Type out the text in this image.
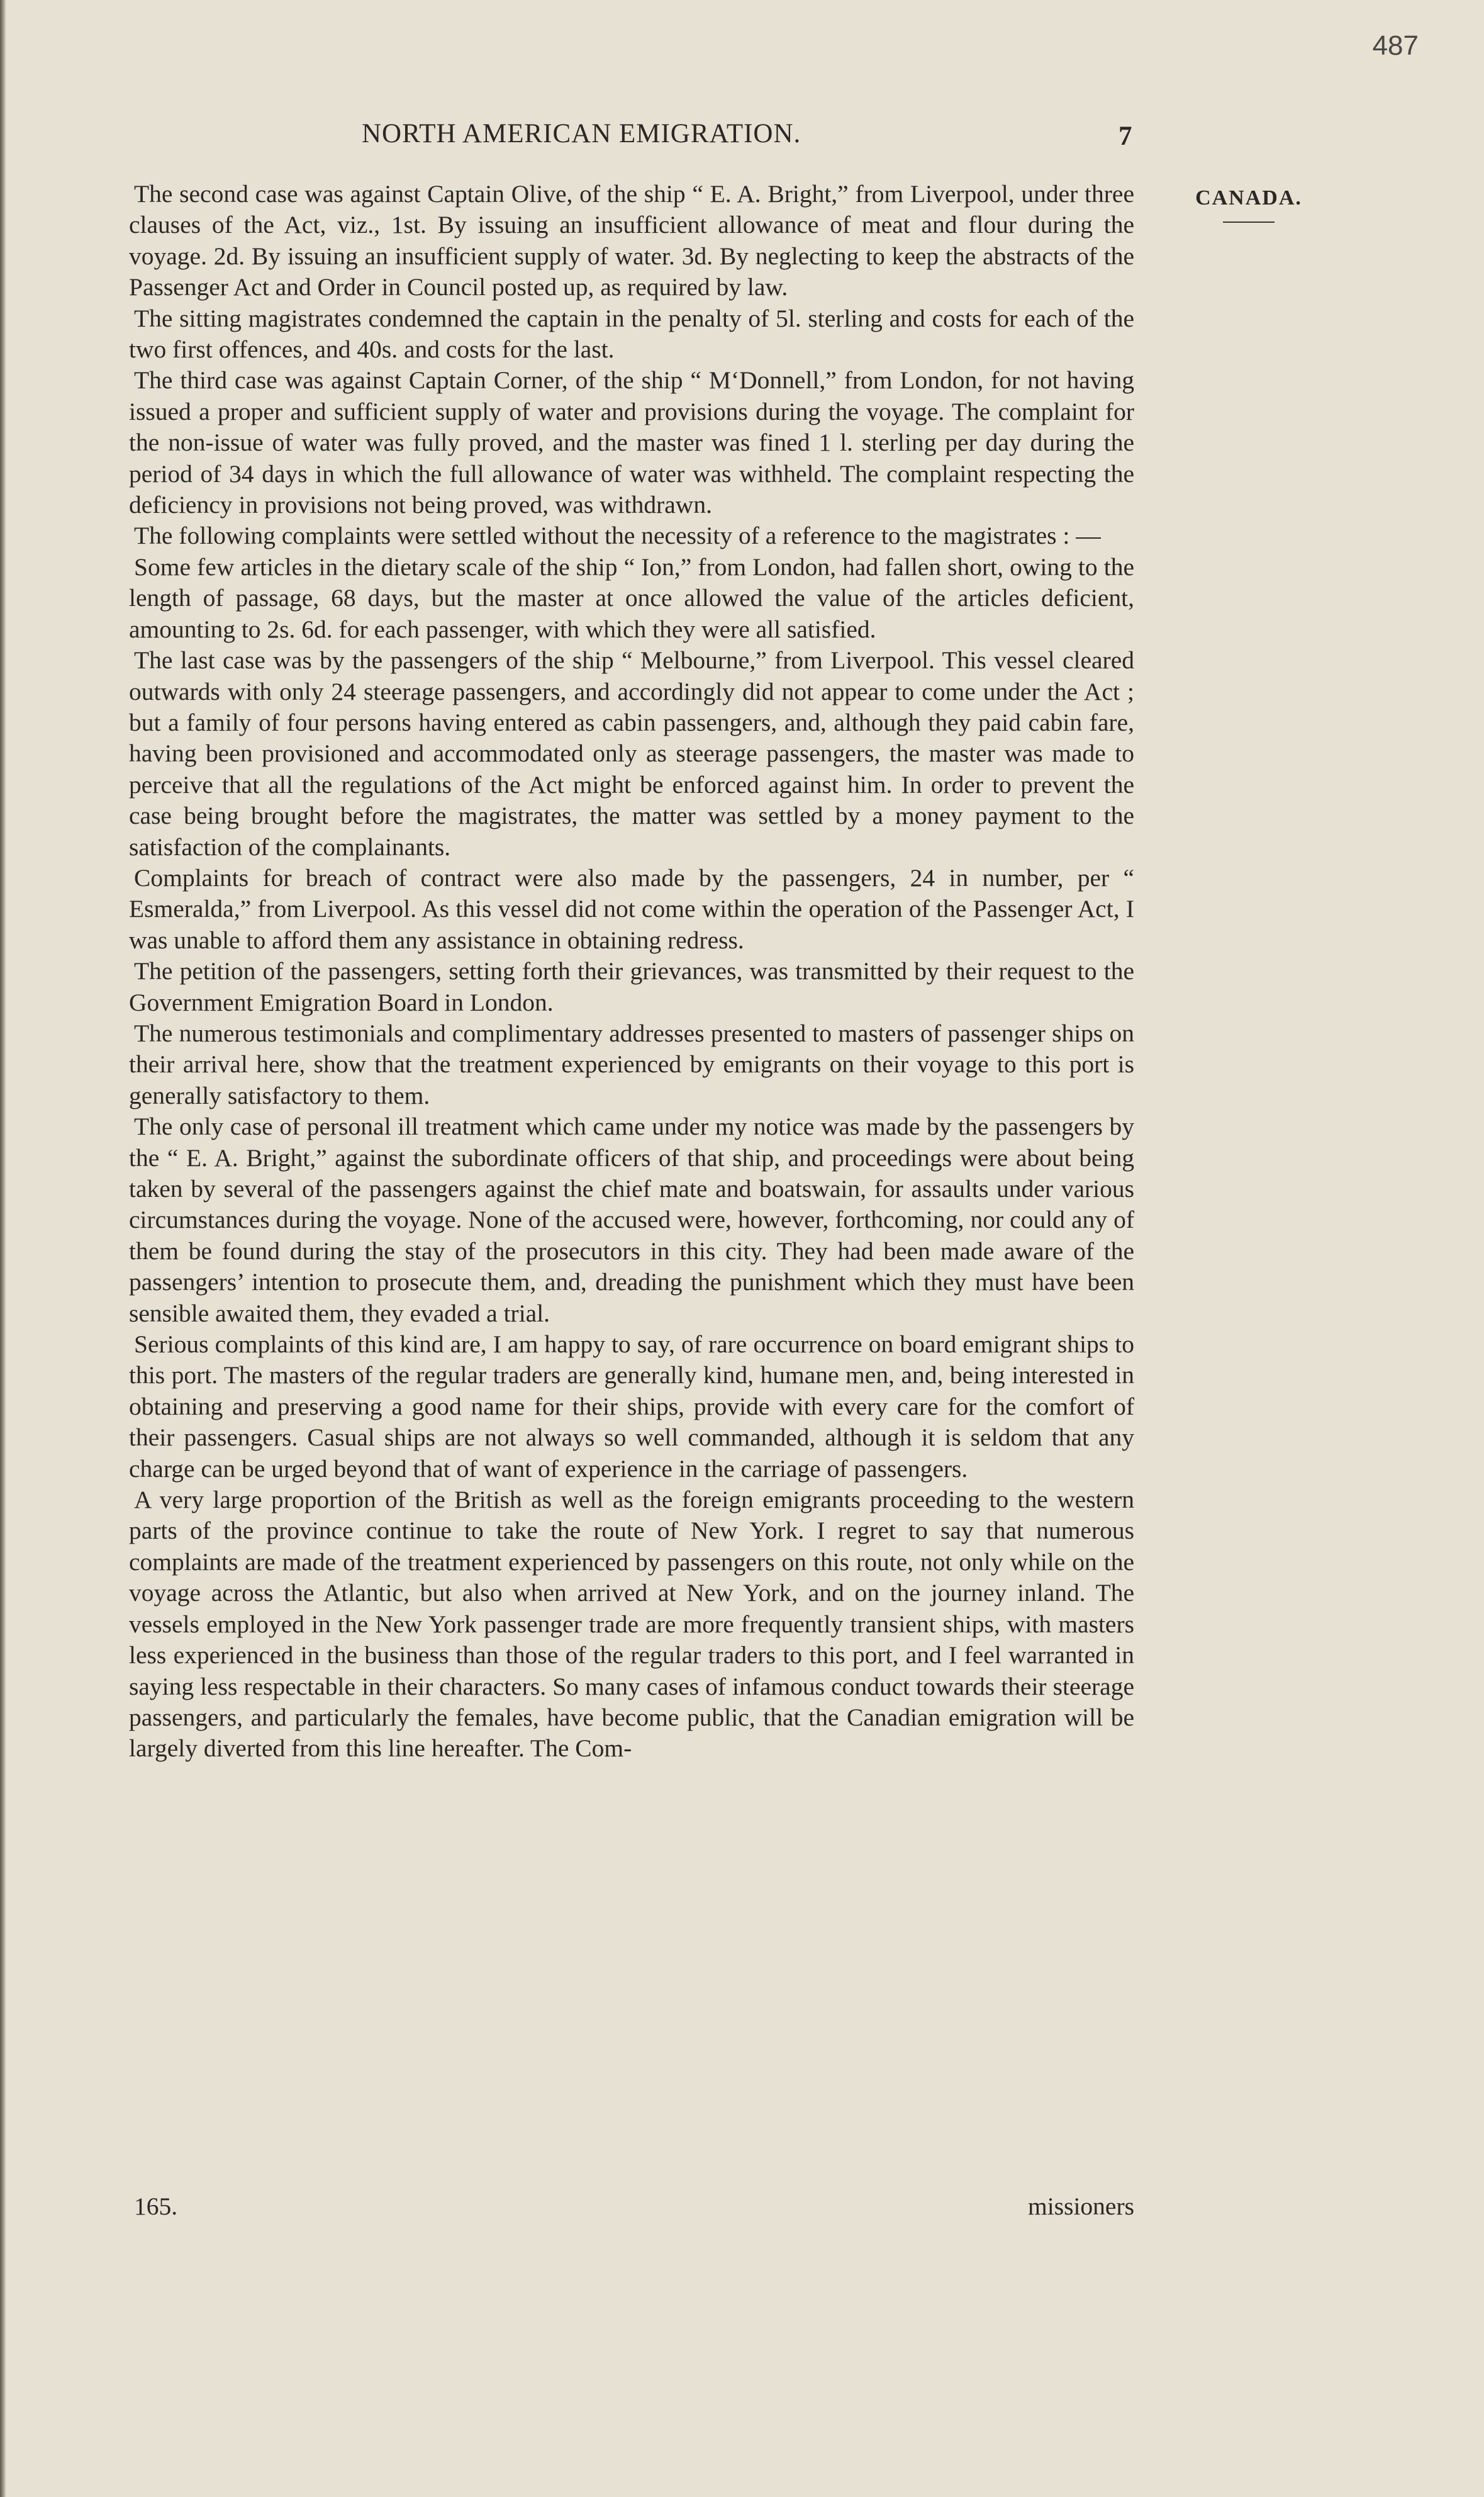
487
NORTH AMERICAN EMIGRATION.	7
CANADA.

The second case was against Captain Olive, of the ship “ E. A. Bright,” from Liverpool, under three clauses of the Act, viz., 1st. By issuing an insufficient allowance of meat and flour during the voyage. 2d. By issuing an insufficient supply of water. 3d. By neglecting to keep the abstracts of the Passenger Act and Order in Council posted up, as required by law.

The sitting magistrates condemned the captain in the penalty of 5l. sterling and costs for each of the two first offences, and 40s. and costs for the last.

The third case was against Captain Corner, of the ship “ M‘Donnell,” from London, for not having issued a proper and sufficient supply of water and provisions during the voyage. The complaint for the non-issue of water was fully proved, and the master was fined 1 l. sterling per day during the period of 34 days in which the full allowance of water was withheld. The complaint respecting the deficiency in provisions not being proved, was withdrawn.

The following complaints were settled without the necessity of a reference to the magistrates : —

Some few articles in the dietary scale of the ship “ Ion,” from London, had fallen short, owing to the length of passage, 68 days, but the master at once allowed the value of the articles deficient, amounting to 2s. 6d. for each passenger, with which they were all satisfied.

The last case was by the passengers of the ship “ Melbourne,” from Liverpool. This vessel cleared outwards with only 24 steerage passengers, and accordingly did not appear to come under the Act ; but a family of four persons having entered as cabin passengers, and, although they paid cabin fare, having been provisioned and accommodated only as steerage passengers, the master was made to perceive that all the regulations of the Act might be enforced against him. In order to prevent the case being brought before the magistrates, the matter was settled by a money payment to the satisfaction of the complainants.

Complaints for breach of contract were also made by the passengers, 24 in number, per “ Esmeralda,” from Liverpool. As this vessel did not come within the operation of the Passenger Act, I was unable to afford them any assistance in obtaining redress.

The petition of the passengers, setting forth their grievances, was transmitted by their request to the Government Emigration Board in London.

The numerous testimonials and complimentary addresses presented to masters of passenger ships on their arrival here, show that the treatment experienced by emigrants on their voyage to this port is generally satisfactory to them.

The only case of personal ill treatment which came under my notice was made by the passengers by the “ E. A. Bright,” against the subordinate officers of that ship, and proceedings were about being taken by several of the passengers against the chief mate and boatswain, for assaults under various circumstances during the voyage. None of the accused were, however, forthcoming, nor could any of them be found during the stay of the prosecutors in this city. They had been made aware of the passengers’ intention to prosecute them, and, dreading the punishment which they must have been sensible awaited them, they evaded a trial.

Serious complaints of this kind are, I am happy to say, of rare occurrence on board emigrant ships to this port. The masters of the regular traders are generally kind, humane men, and, being interested in obtaining and preserving a good name for their ships, provide with every care for the comfort of their passengers. Casual ships are not always so well commanded, although it is seldom that any charge can be urged beyond that of want of experience in the carriage of passengers.

A very large proportion of the British as well as the foreign emigrants proceeding to the western parts of the province continue to take the route of New York. I regret to say that numerous complaints are made of the treatment experienced by passengers on this route, not only while on the voyage across the Atlantic, but also when arrived at New York, and on the journey inland. The vessels employed in the New York passenger trade are more frequently transient ships, with masters less experienced in the business than those of the regular traders to this port, and I feel warranted in saying less respectable in their characters. So many cases of infamous conduct towards their steerage passengers, and particularly the females, have become public, that the Canadian emigration will be largely diverted from this line hereafter. The Com-

165.	missioners
